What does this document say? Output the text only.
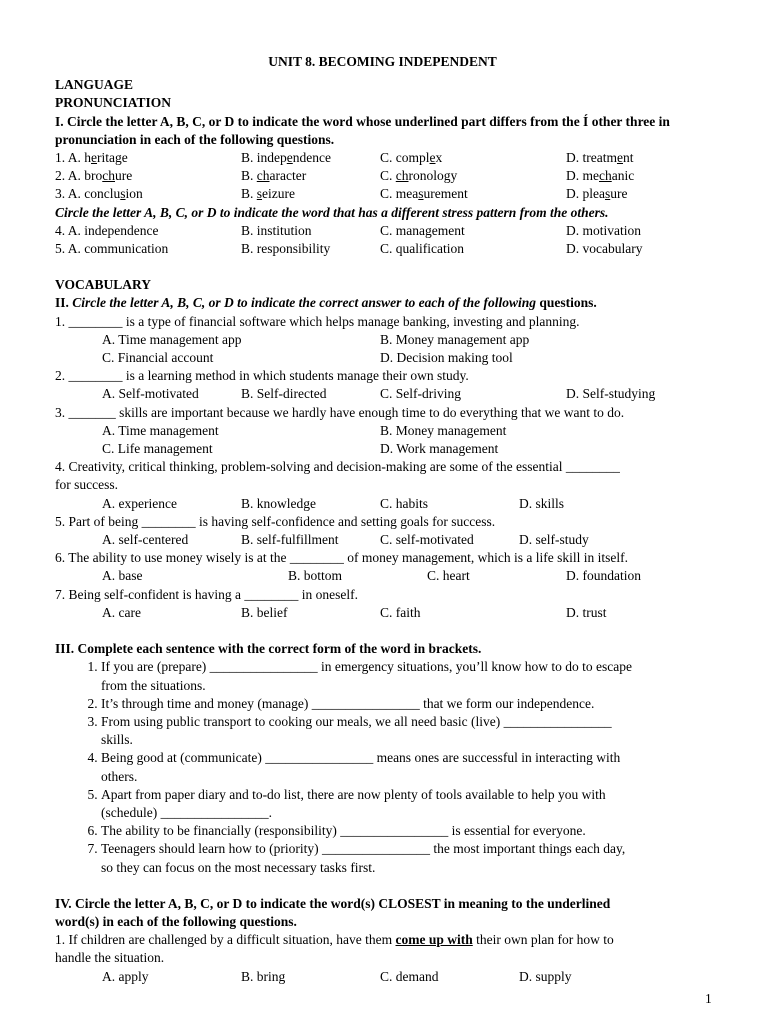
UNIT 8. BECOMING INDEPENDENT
LANGUAGE
PRONUNCIATION
I. Circle the letter A, B, C, or D to indicate the word whose underlined part differs from the Í other three in pronunciation in each of the following questions.
1. A. heritage	B. independence	C. complex	D. treatment
2. A. brochure	B. character	C. chronology	D. mechanic
3. A. conclusion	B. seizure	C. measurement	D. pleasure
Circle the letter A, B, C, or D to indicate the word that has a different stress pattern from the others.
4. A. independence	B. institution	C. management	D. motivation
5. A. communication	B. responsibility	C. qualification	D. vocabulary
VOCABULARY
II. Circle the letter A, B, C, or D to indicate the correct answer to each of the following questions.
1. ________ is a type of financial software which helps manage banking, investing and planning.
A. Time management app	B. Money management app
C. Financial account	D. Decision making tool
2. ________ is a learning method in which students manage their own study.
A. Self-motivated	B. Self-directed	C. Self-driving	D. Self-studying
3. _______ skills are important because we hardly have enough time to do everything that we want to do.
A. Time management	B. Money management
C. Life management	D. Work management
4. Creativity, critical thinking, problem-solving and decision-making are some of the essential ________
for success.
A. experience	B. knowledge	C. habits	D. skills
5. Part of being ________ is having self-confidence and setting goals for success.
A. self-centered	B. self-fulfillment	C. self-motivated	D. self-study
6. The ability to use money wisely is at the ________ of money management, which is a life skill in itself.
A. base	B. bottom	C. heart	D. foundation
7. Being self-confident is having a ________ in oneself.
A. care	B. belief	C. faith	D. trust
III. Complete each sentence with the correct form of the word in brackets.
1. If you are (prepare) ________________ in emergency situations, you’ll know how to do to escape
from the situations.
2. It’s through time and money (manage) ________________ that we form our independence.
3. From using public transport to cooking our meals, we all need basic (live) ________________
skills.
4. Being good at (communicate) ________________ means ones are successful in interacting with
others.
5. Apart from paper diary and to-do list, there are now plenty of tools available to help you with
(schedule) ________________.
6. The ability to be financially (responsibility) ________________ is essential for everyone.
7. Teenagers should learn how to (priority) ________________ the most important things each day,
so they can focus on the most necessary tasks first.
IV. Circle the letter A, B, C, or D to indicate the word(s) CLOSEST in meaning to the underlined
word(s) in each of the following questions.
1. If children are challenged by a difficult situation, have them come up with their own plan for how to
handle the situation.
A. apply	B. bring	C. demand	D. supply
1
